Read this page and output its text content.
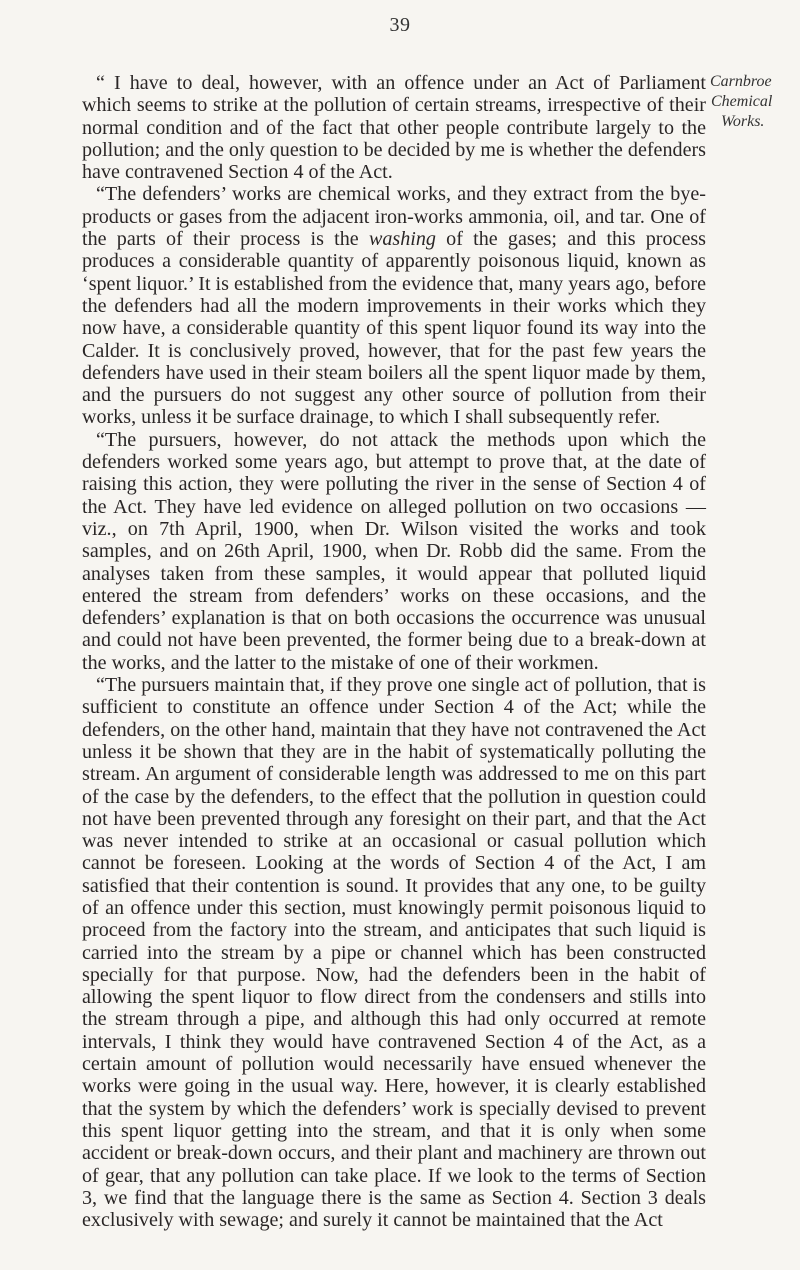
39
Carnbroe
Chemical
Works.

“ I have to deal, however, with an offence under an Act of Parliament which seems to strike at the pollution of certain streams, irrespective of their normal condition and of the fact that other people contribute largely to the pollution; and the only question to be decided by me is whether the defenders have contravened Section 4 of the Act.

“The defenders’ works are chemical works, and they extract from the bye-products or gases from the adjacent iron-works ammonia, oil, and tar. One of the parts of their process is the washing of the gases; and this process produces a considerable quantity of apparently poisonous liquid, known as ‘spent liquor.’ It is established from the evidence that, many years ago, before the defenders had all the modern improvements in their works which they now have, a considerable quantity of this spent liquor found its way into the Calder. It is conclusively proved, however, that for the past few years the defenders have used in their steam boilers all the spent liquor made by them, and the pursuers do not suggest any other source of pollution from their works, unless it be surface drainage, to which I shall subsequently refer.

“The pursuers, however, do not attack the methods upon which the defenders worked some years ago, but attempt to prove that, at the date of raising this action, they were polluting the river in the sense of Section 4 of the Act. They have led evidence on alleged pollution on two occasions —viz., on 7th April, 1900, when Dr. Wilson visited the works and took samples, and on 26th April, 1900, when Dr. Robb did the same. From the analyses taken from these samples, it would appear that polluted liquid entered the stream from defenders’ works on these occasions, and the defenders’ explanation is that on both occasions the occurrence was unusual and could not have been prevented, the former being due to a break-down at the works, and the latter to the mistake of one of their workmen.

“The pursuers maintain that, if they prove one single act of pollution, that is sufficient to constitute an offence under Section 4 of the Act; while the defenders, on the other hand, maintain that they have not contravened the Act unless it be shown that they are in the habit of systematically polluting the stream. An argument of considerable length was addressed to me on this part of the case by the defenders, to the effect that the pollution in question could not have been prevented through any foresight on their part, and that the Act was never intended to strike at an occasional or casual pollution which cannot be foreseen. Looking at the words of Section 4 of the Act, I am satisfied that their contention is sound. It provides that any one, to be guilty of an offence under this section, must knowingly permit poisonous liquid to proceed from the factory into the stream, and anticipates that such liquid is carried into the stream by a pipe or channel which has been constructed specially for that purpose. Now, had the defenders been in the habit of allowing the spent liquor to flow direct from the condensers and stills into the stream through a pipe, and although this had only occurred at remote intervals, I think they would have contravened Section 4 of the Act, as a certain amount of pollution would necessarily have ensued whenever the works were going in the usual way. Here, however, it is clearly established that the system by which the defenders’ work is specially devised to prevent this spent liquor getting into the stream, and that it is only when some accident or break-down occurs, and their plant and machinery are thrown out of gear, that any pollution can take place. If we look to the terms of Section 3, we find that the language there is the same as Section 4. Section 3 deals exclusively with sewage; and surely it cannot be maintained that the Act
